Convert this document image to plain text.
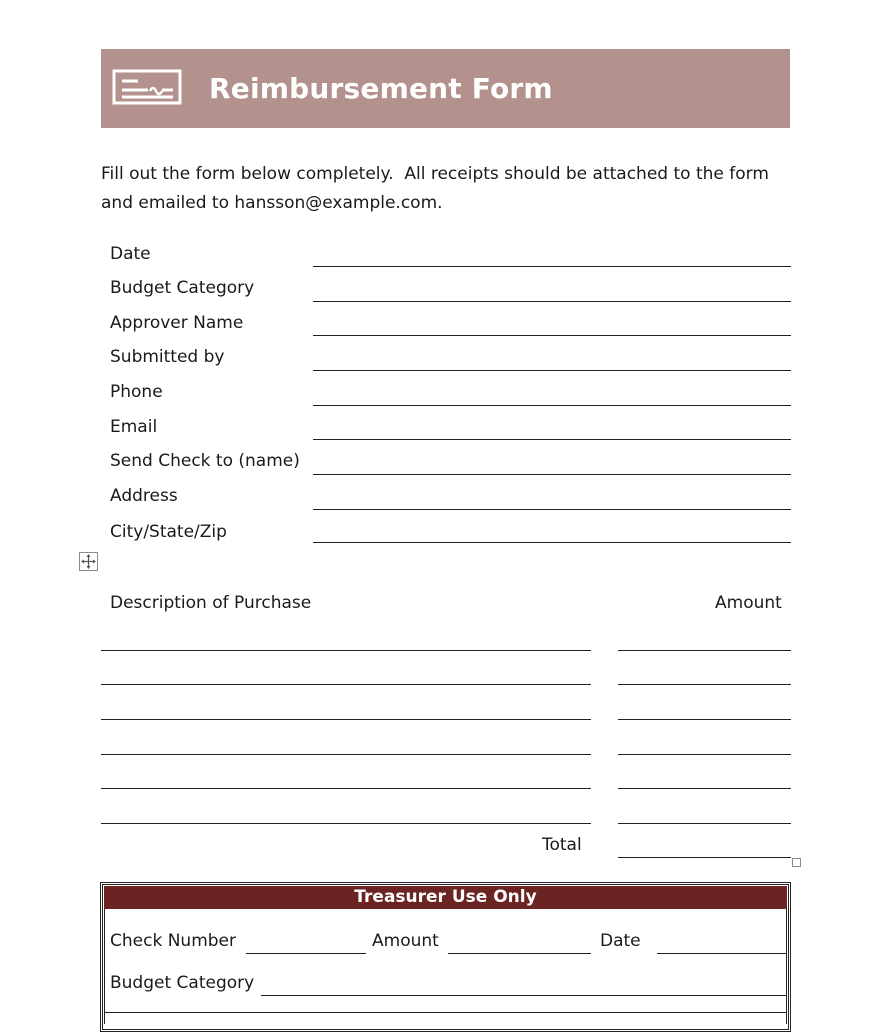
Reimbursement Form
Fill out the form below completely.  All receipts should be attached to the form
and emailed to hansson@example.com.
Date
Budget Category
Approver Name
Submitted by
Phone
Email
Send Check to (name)
Address
City/State/Zip
Description of Purchase	Amount
Total
Treasurer Use Only
Check Number	Amount	Date
Budget Category
